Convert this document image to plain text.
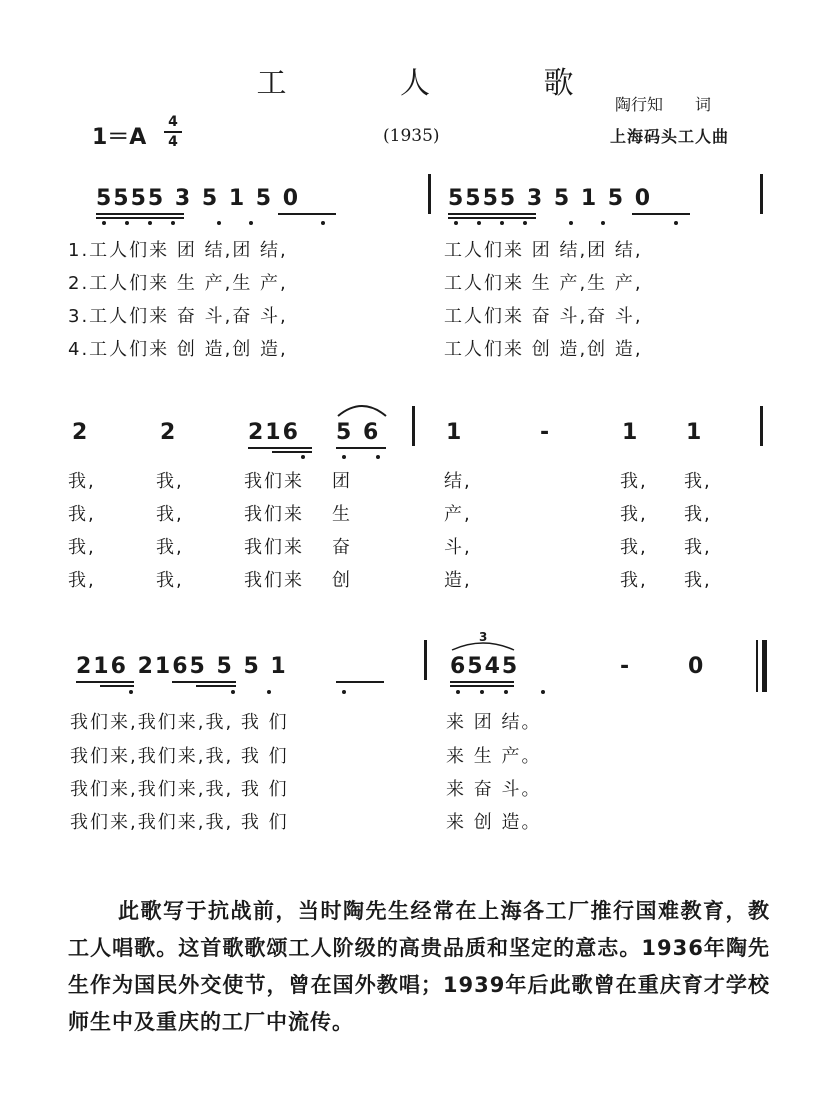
工 人 歌
陶行知　　词
1＝A
4
4	(1935)	上海码头工人曲
5555 3 5 1 5 0	5555 3 5 1 5 0
1.工人们来 团 结,团 结,
2.工人们来 生 产,生 产,
3.工人们来 奋 斗,奋 斗,
4.工人们来 创 造,创 造,
工人们来 团 结,团 结,
工人们来 生 产,生 产,
工人们来 奋 斗,奋 斗,
工人们来 创 造,创 造,
2	2	216 5 6	1	-	1 1
我,	我,	我们来 团
我,	我,	我们来 生
我,	我,	我们来 奋
我,	我,	我们来 创
结,	我, 我,
产,	我, 我,
斗,	我, 我,
造,	我, 我,
216 2165 5 5 1
3
6545	-	0
我们来,我们来,我, 我 们
我们来,我们来,我, 我 们
我们来,我们来,我, 我 们
我们来,我们来,我, 我 们
来 团 结。
来 生 产。
来 奋 斗。
来 创 造。
此歌写于抗战前，当时陶先生经常在上海各工厂推行国难教育，教工人唱歌。这首歌歌颂工人阶级的高贵品质和坚定的意志。1936年陶先生作为国民外交使节，曾在国外教唱；1939年后此歌曾在重庆育才学校师生中及重庆的工厂中流传。
